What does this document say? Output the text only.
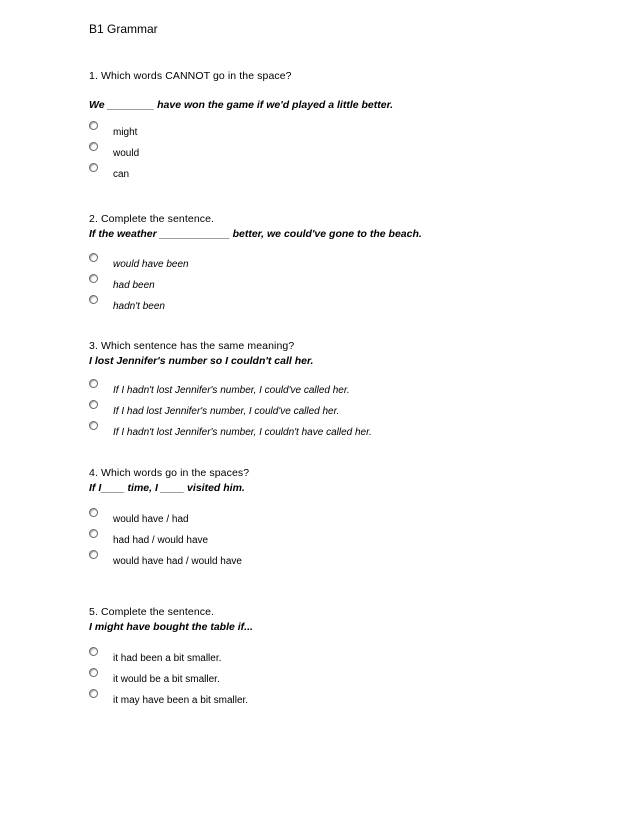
B1 Grammar
1. Which words CANNOT go in the space?
We ________ have won the game if we'd played a little better.
might
would
can
2. Complete the sentence.
If the weather ____________ better, we could've gone to the beach.
would have been
had been
hadn't been
3. Which sentence has the same meaning?
I lost Jennifer's number so I couldn't call her.
If I hadn't lost Jennifer's number, I could've called her.
If I had lost Jennifer's number, I could've called her.
If I hadn't lost Jennifer's number, I couldn't have called her.
4. Which words go in the spaces?
If I____ time, I ____ visited him.
would have / had
had had / would have
would have had / would have
5. Complete the sentence.
I might have bought the table if...
it had been a bit smaller.
it would be a bit smaller.
it may have been a bit smaller.
